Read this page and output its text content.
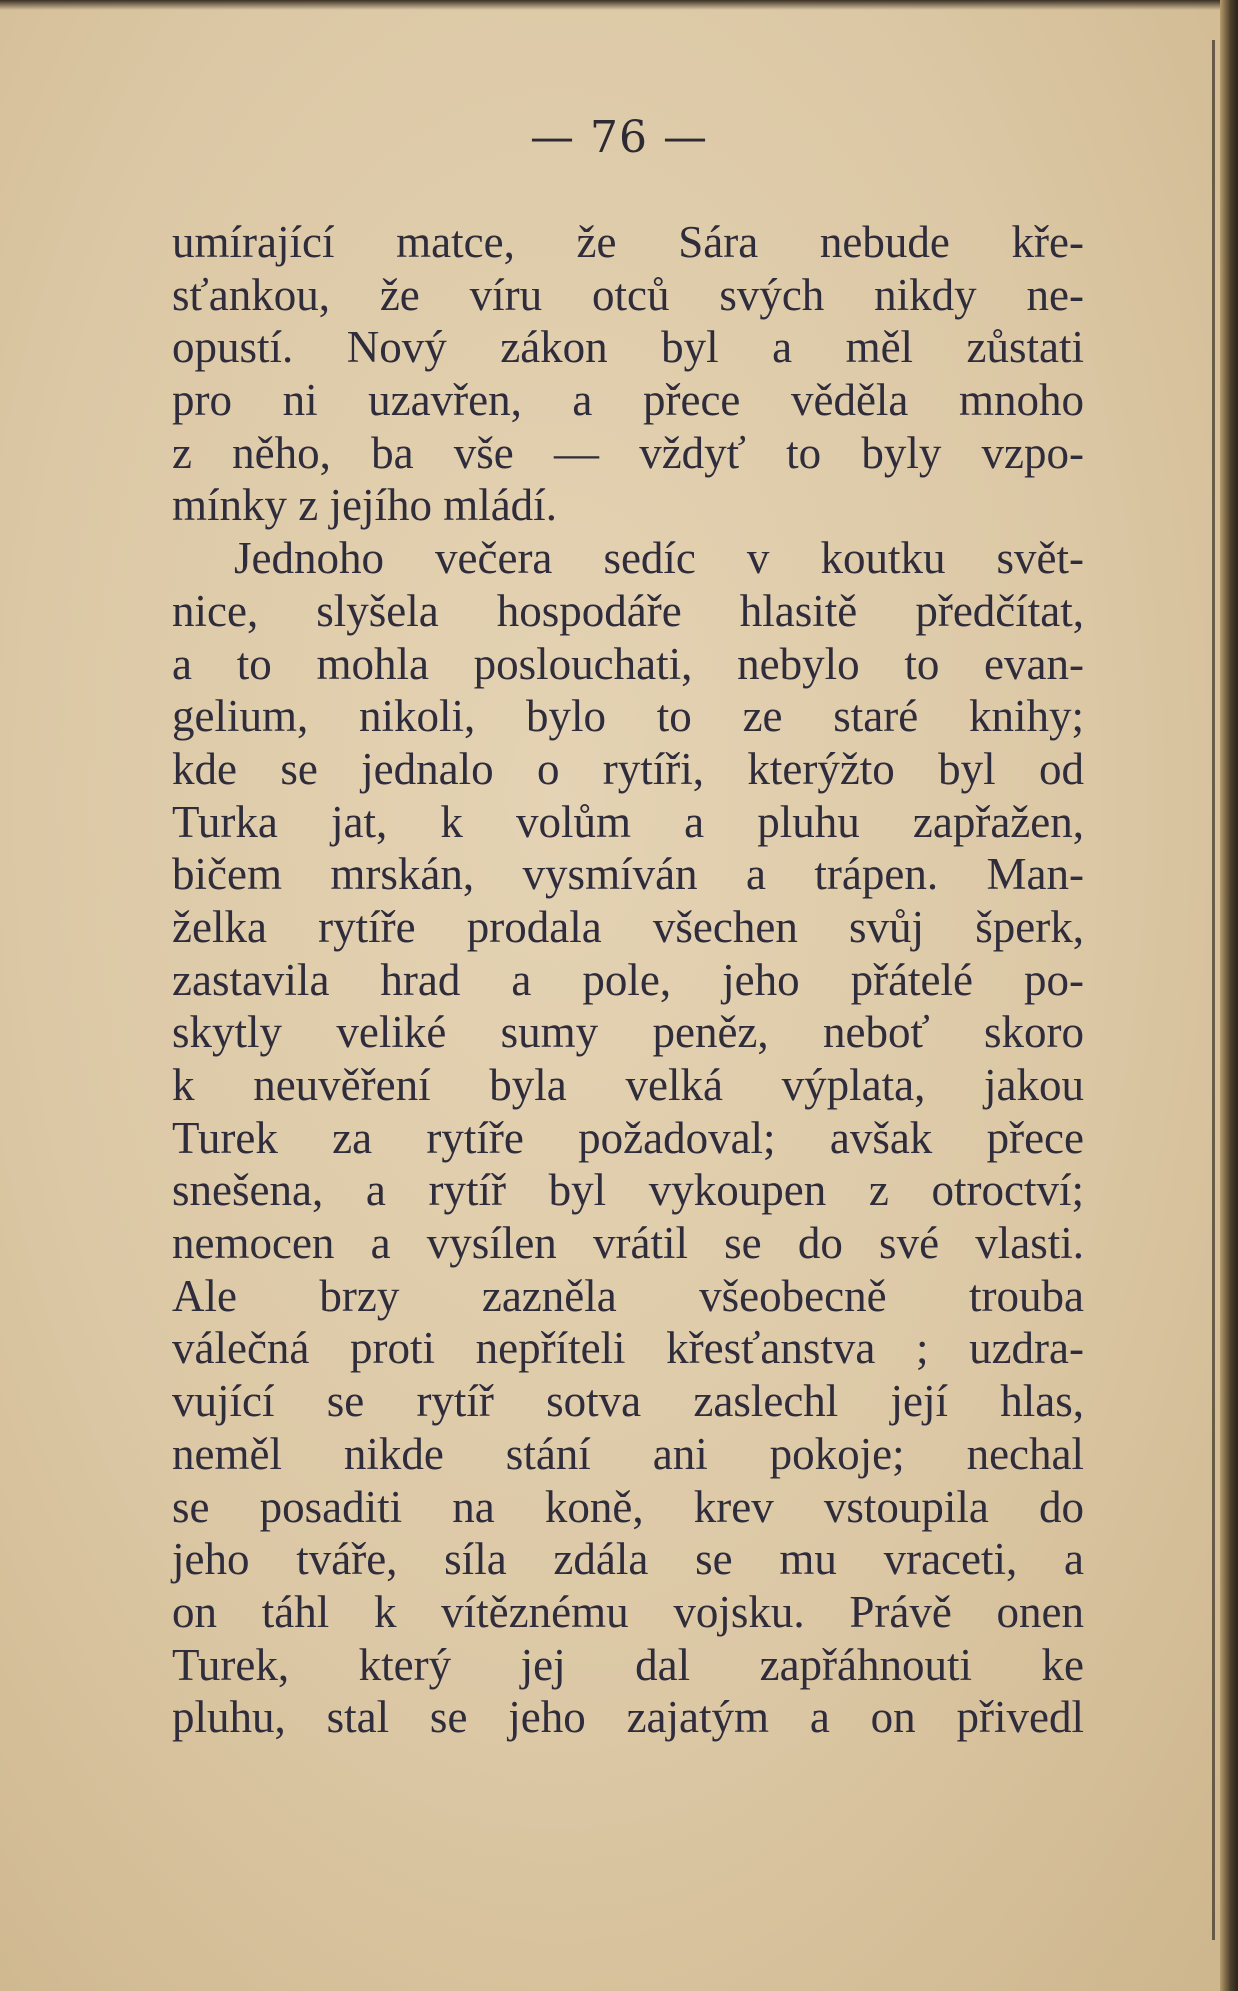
— 76 —
umírající matce, že Sára nebude kře-
sťankou, že víru otců svých nikdy ne-
opustí. Nový zákon byl a měl zůstati
pro ni uzavřen, a přece věděla mnoho
z něho, ba vše — vždyť to byly vzpo-
mínky z jejího mládí.
Jednoho večera sedíc v koutku svět-
nice, slyšela hospodáře hlasitě předčítat,
a to mohla poslouchati, nebylo to evan-
gelium, nikoli, bylo to ze staré knihy;
kde se jednalo o rytíři, kterýžto byl od
Turka jat, k volům a pluhu zapřažen,
bičem mrskán, vysmíván a trápen. Man-
želka rytíře prodala všechen svůj šperk,
zastavila hrad a pole, jeho přátelé po-
skytly veliké sumy peněz, neboť skoro
k neuvěření byla velká výplata, jakou
Turek za rytíře požadoval; avšak přece
snešena, a rytíř byl vykoupen z otroctví;
nemocen a vysílen vrátil se do své vlasti.
Ale brzy zazněla všeobecně trouba
válečná proti nepříteli křesťanstva ; uzdra-
vující se rytíř sotva zaslechl její hlas,
neměl nikde stání ani pokoje; nechal
se posaditi na koně, krev vstoupila do
jeho tváře, síla zdála se mu vraceti, a
on táhl k vítěznému vojsku. Právě onen
Turek, který jej dal zapřáhnouti ke
pluhu, stal se jeho zajatým a on přivedl
